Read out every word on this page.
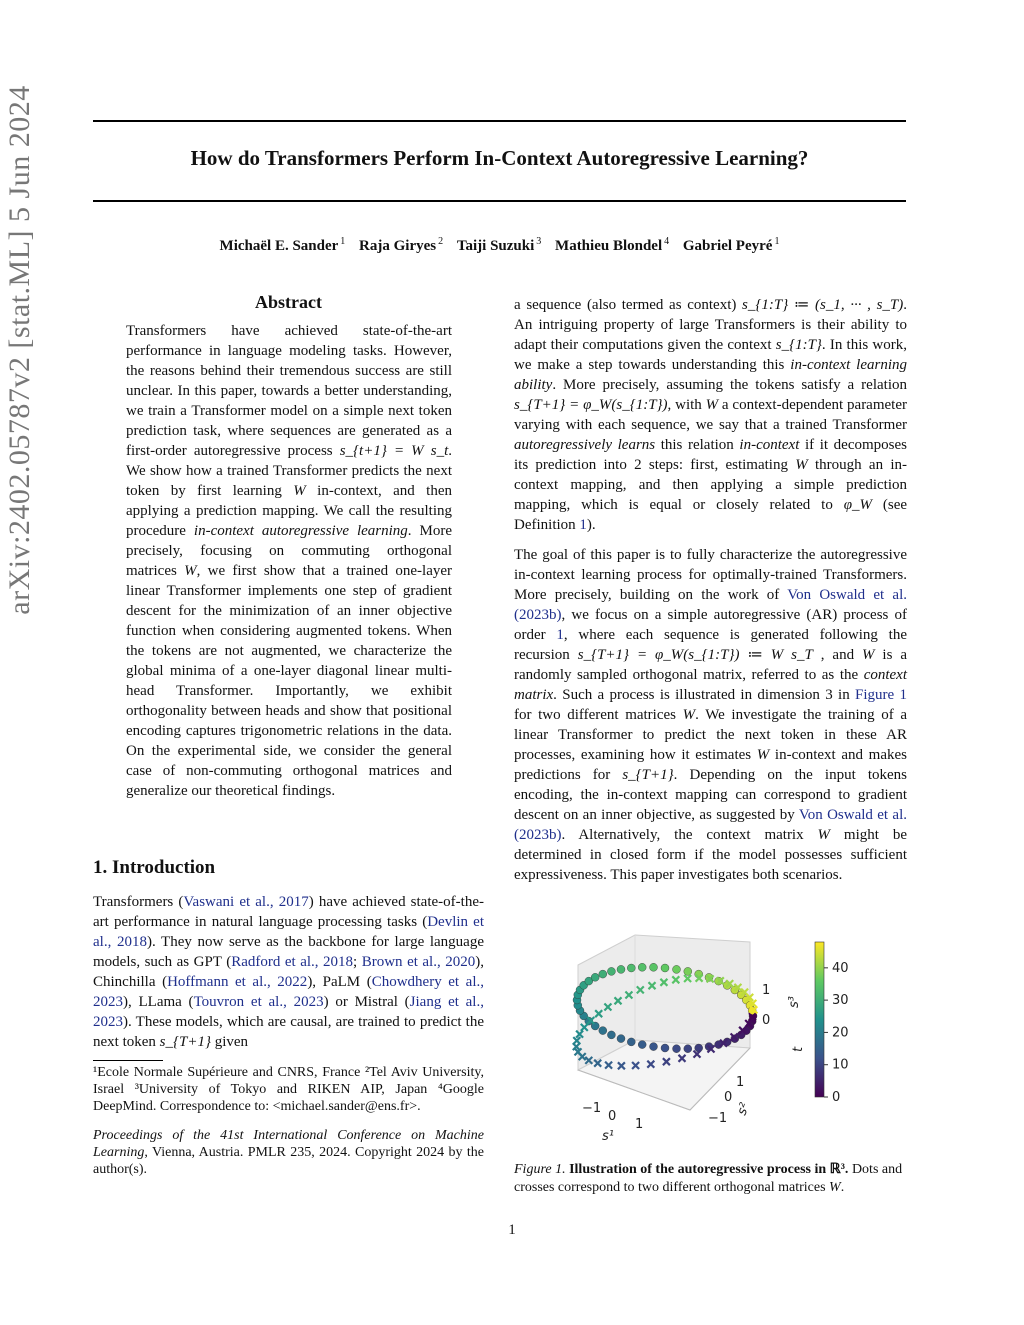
arXiv:2402.05787v2 [stat.ML] 5 Jun 2024	How do Transformers Perform In-Context Autoregressive Learning?
Michaël E. Sander $^1$ Raja Giryes $^2$ Taiji Suzuki $^3$ Mathieu Blondel $^4$ Gabriel Peyré $^1$
Abstract

Transformers have achieved state-of-the-art performance in language modeling tasks. However, the reasons behind their tremendous success are still unclear. In this paper, towards a better understanding, we train a Transformer model on a simple next token prediction task, where sequences are generated as a first-order autoregressive process s_{t+1} = W s_t. We show how a trained Transformer predicts the next token by first learning W in-context, and then applying a prediction mapping. We call the resulting procedure in-context autoregressive learning. More precisely, focusing on commuting orthogonal matrices W, we first show that a trained one-layer linear Transformer implements one step of gradient descent for the minimization of an inner objective function when considering augmented tokens. When the tokens are not augmented, we characterize the global minima of a one-layer diagonal linear multi-head Transformer. Importantly, we exhibit orthogonality between heads and show that positional encoding captures trigonometric relations in the data. On the experimental side, we consider the general case of non-commuting orthogonal matrices and generalize our theoretical findings.

1. Introduction

Transformers (Vaswani et al., 2017) have achieved state-of-the-art performance in natural language processing tasks (Devlin et al., 2018). They now serve as the backbone for large language models, such as GPT (Radford et al., 2018; Brown et al., 2020), Chinchilla (Hoffmann et al., 2022), PaLM (Chowdhery et al., 2023), LLama (Touvron et al., 2023) or Mistral (Jiang et al., 2023). These models, which are causal, are trained to predict the next token s_{T+1} given

¹Ecole Normale Supérieure and CNRS, France ²Tel Aviv University, Israel ³University of Tokyo and RIKEN AIP, Japan ⁴Google DeepMind. Correspondence to: <michael.sander@ens.fr>.

Proceedings of the 41st International Conference on Machine Learning, Vienna, Austria. PMLR 235, 2024. Copyright 2024 by the author(s).

a sequence (also termed as context) s_{1:T} ≔ (s_1, ··· , s_T). An intriguing property of large Transformers is their ability to adapt their computations given the context s_{1:T}. In this work, we make a step towards understanding this in-context learning ability. More precisely, assuming the tokens satisfy a relation s_{T+1} = φ_W(s_{1:T}), with W a context-dependent parameter varying with each sequence, we say that a trained Transformer autoregressively learns this relation in-context if it decomposes its prediction into 2 steps: first, estimating W through an in-context mapping, and then applying a simple prediction mapping, which is equal or closely related to φ_W (see Definition 1).

The goal of this paper is to fully characterize the autoregressive in-context learning process for optimally-trained Transformers. More precisely, building on the work of Von Oswald et al. (2023b), we focus on a simple autoregressive (AR) process of order 1, where each sequence is generated following the recursion s_{T+1} = φ_W(s_{1:T}) ≔ W s_T , and W is a randomly sampled orthogonal matrix, referred to as the context matrix. Such a process is illustrated in dimension 3 in Figure 1 for two different matrices W. We investigate the training of a linear Transformer to predict the next token in these AR processes, examining how it estimates W in-context and makes predictions for s_{T+1}. Depending on the input tokens encoding, the in-context mapping can correspond to gradient descent on an inner objective, as suggested by Von Oswald et al. (2023b). Alternatively, the context matrix W might be determined in closed form if the model possesses sufficient expressiveness. This paper investigates both scenarios.

−1
0
1
s¹
−1
0
1
s²
0
1
s³
0
10
20
30
40
t
Figure 1. Illustration of the autoregressive process in ℝ³. Dots and crosses correspond to two different orthogonal matrices W.
1
